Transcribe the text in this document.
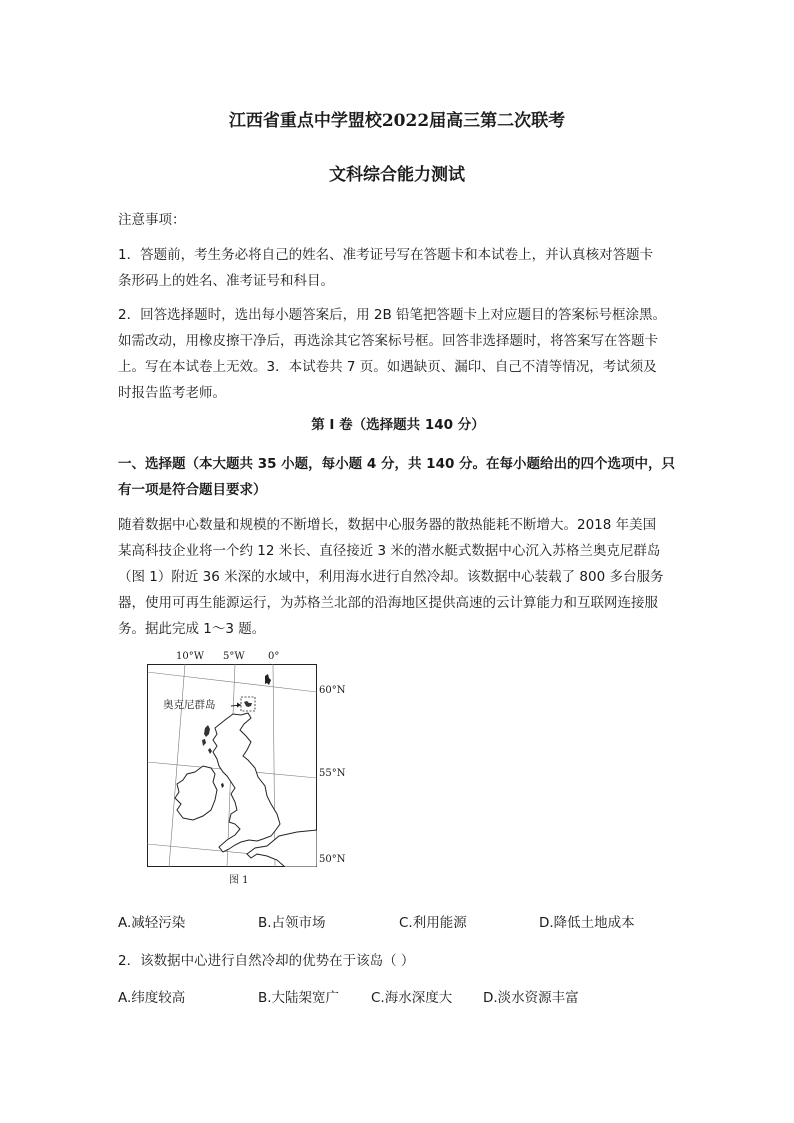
江西省重点中学盟校2022届高三第二次联考
文科综合能力测试

注意事项：

1．答题前，考生务必将自己的姓名、准考证号写在答题卡和本试卷上，并认真核对答题卡
条形码上的姓名、准考证号和科目。

2．回答选择题时，选出每小题答案后，用 2B 铅笔把答题卡上对应题目的答案标号框涂黑。
如需改动，用橡皮擦干净后，再选涂其它答案标号框。回答非选择题时，将答案写在答题卡
上。写在本试卷上无效。3．本试卷共 7 页。如遇缺页、漏印、自己不清等情况，考试须及
时报告监考老师。

第 I 卷（选择题共 140 分）

一、选择题（本大题共 35 小题，每小题 4 分，共 140 分。在每小题给出的四个选项中，只
有一项是符合题目要求）

随着数据中心数量和规模的不断增长，数据中心服务器的散热能耗不断增大。2018 年美国
某高科技企业将一个约 12 米长、直径接近 3 米的潜水艇式数据中心沉入苏格兰奥克尼群岛
（图 1）附近 36 米深的水域中，利用海水进行自然冷却。该数据中心装载了 800 多台服务
器，使用可再生能源运行，为苏格兰北部的沿海地区提供高速的云计算能力和互联网连接服
务。据此完成 1～3 题。

10°W 5°W 0°
60°N
55°N
50°N
奥克尼群岛
图 1
A.减轻污染	B.占领市场	C.利用能源	D.降低土地成本
2．该数据中心进行自然冷却的优势在于该岛（ ）
A.纬度较高	B.大陆架宽广 C.海水深度大 D.淡水资源丰富
